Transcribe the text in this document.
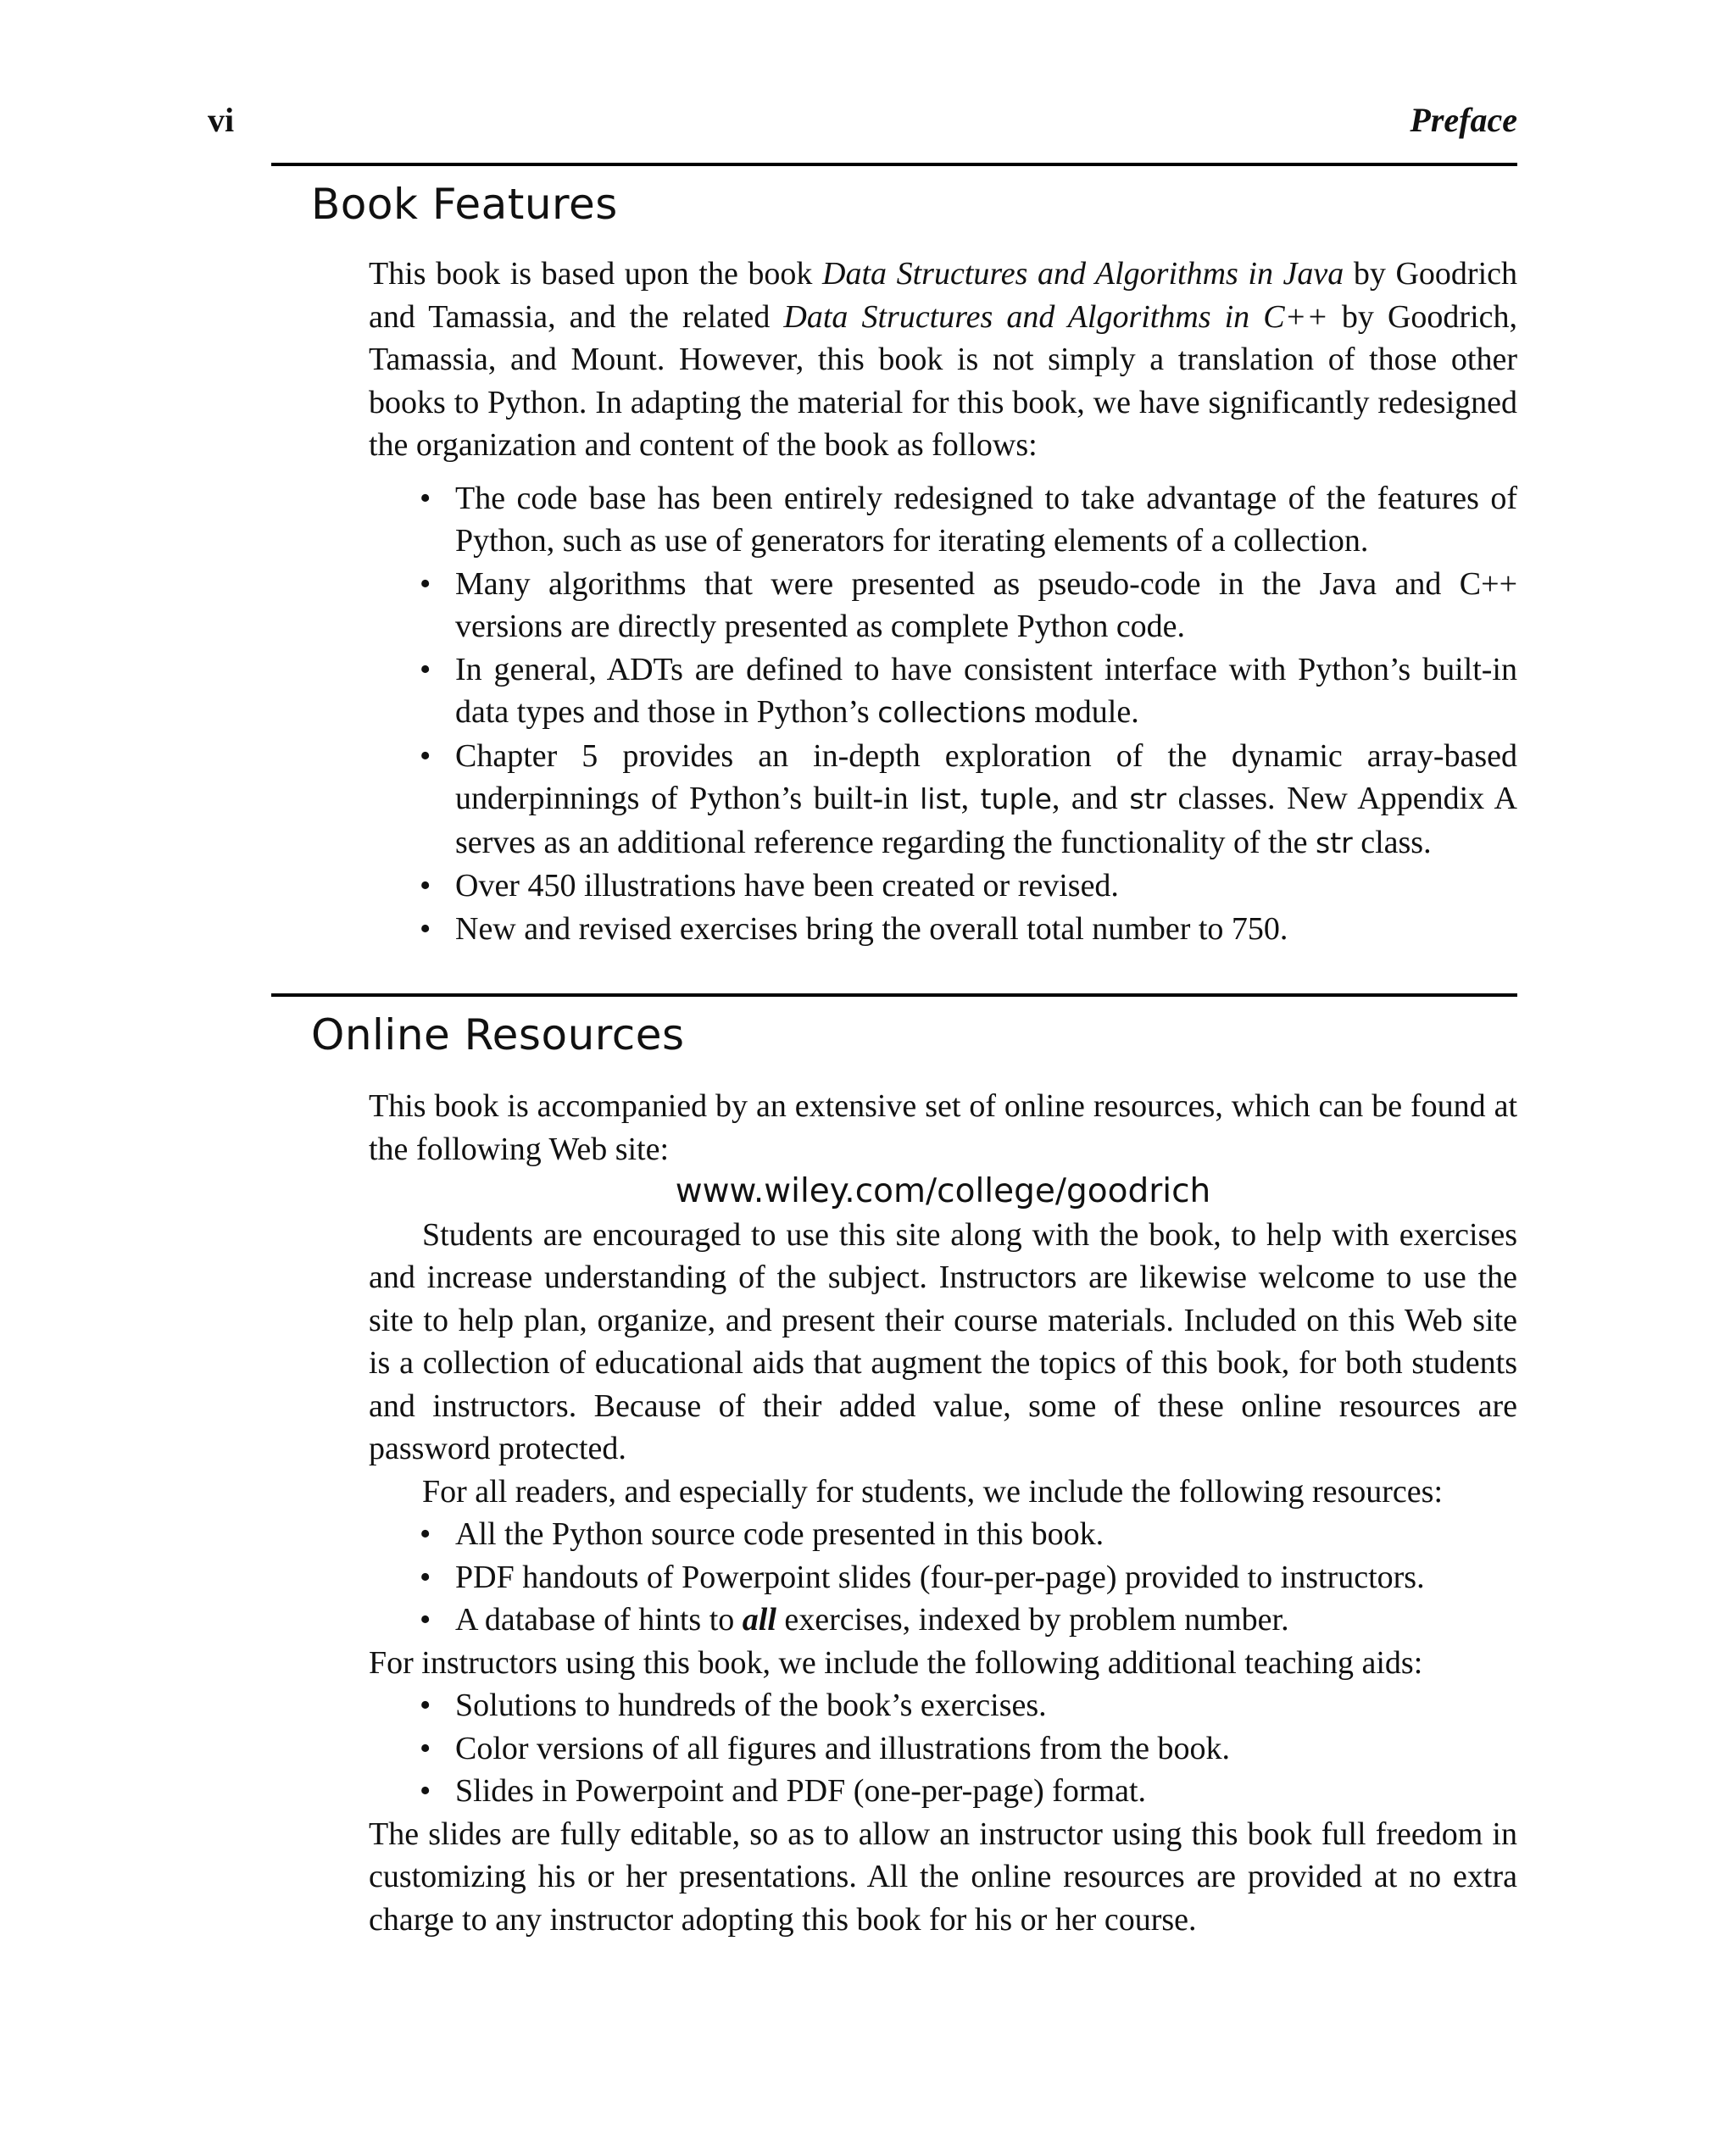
vi	Preface
Book Features

This book is based upon the book Data Structures and Algorithms in Java by Goodrich and Tamassia, and the related Data Structures and Algorithms in C++ by Goodrich, Tamassia, and Mount. However, this book is not simply a translation of those other books to Python. In adapting the material for this book, we have significantly redesigned the organization and content of the book as follows:

• The code base has been entirely redesigned to take advantage of the features of Python, such as use of generators for iterating elements of a collection.
• Many algorithms that were presented as pseudo-code in the Java and C++ versions are directly presented as complete Python code.
• In general, ADTs are defined to have consistent interface with Python’s built-in data types and those in Python’s collections module.
• Chapter 5 provides an in-depth exploration of the dynamic array-based underpinnings of Python’s built-in list, tuple, and str classes. New Appendix A serves as an additional reference regarding the functionality of the str class.
• Over 450 illustrations have been created or revised.
• New and revised exercises bring the overall total number to 750.
Online Resources

This book is accompanied by an extensive set of online resources, which can be found at the following Web site:

www.wiley.com/college/goodrich

Students are encouraged to use this site along with the book, to help with exercises and increase understanding of the subject. Instructors are likewise welcome to use the site to help plan, organize, and present their course materials. Included on this Web site is a collection of educational aids that augment the topics of this book, for both students and instructors. Because of their added value, some of these online resources are password protected.

For all readers, and especially for students, we include the following resources:

• All the Python source code presented in this book.
• PDF handouts of Powerpoint slides (four-per-page) provided to instructors.
• A database of hints to all exercises, indexed by problem number.

For instructors using this book, we include the following additional teaching aids:

• Solutions to hundreds of the book’s exercises.
• Color versions of all figures and illustrations from the book.
• Slides in Powerpoint and PDF (one-per-page) format.

The slides are fully editable, so as to allow an instructor using this book full freedom in customizing his or her presentations. All the online resources are provided at no extra charge to any instructor adopting this book for his or her course.
